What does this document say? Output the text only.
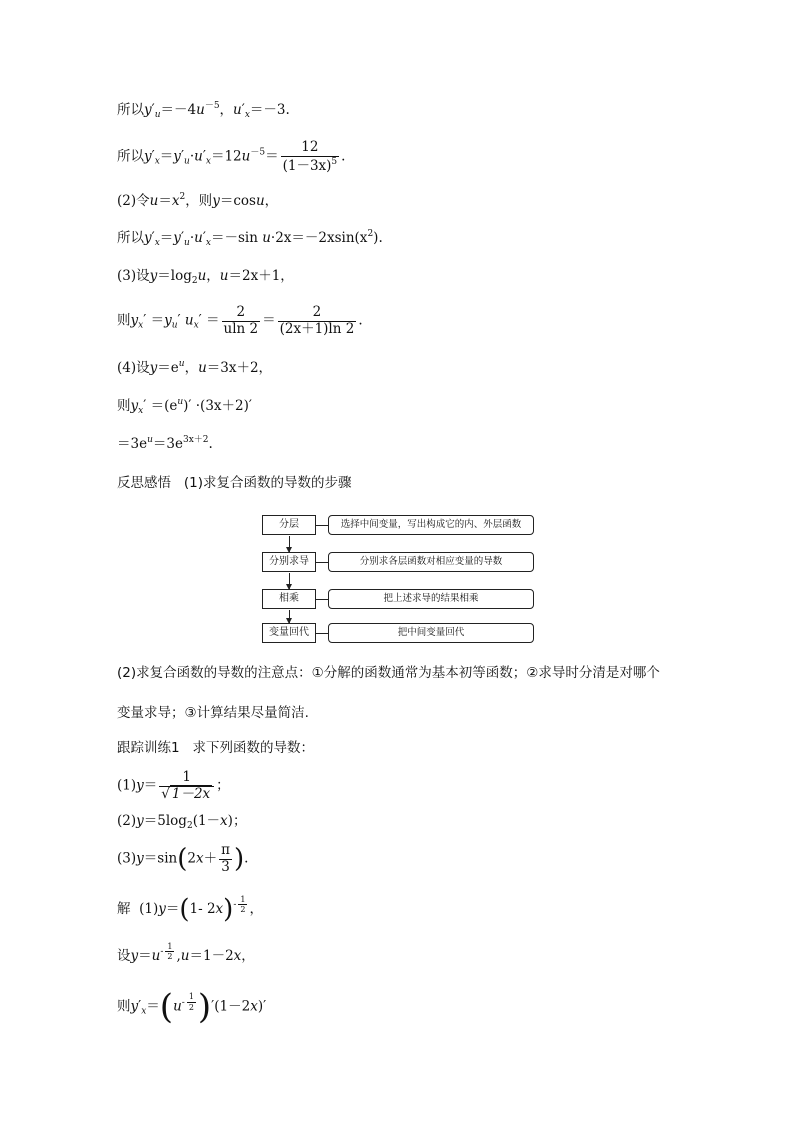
所以$y'_u=-4u^{-5}$，$u'_x=-3$.
所以$y'_x=y'_u\cdot u'_x=12u^{-5}= \frac{12}{(1-3x)^5}$ .
(2)令$u=x^2$，则y＝cosu，
所以$y'_x=y'_u\cdot u'_x=-\sin$ $u\cdot 2x=-2xsin(x^2)$.
(3)设$y=\log_2u$，u＝2x＋1，
则$y_x' =y_u'$ $u_x' = \frac{2}{uln 2} = \frac{2}{(2x+1)\ln 2}$ .
(4)设$y=e^u$，u＝3x＋2，
则$y_x' =(e^u)' \cdot(3x+2)'$
$=3e^u=3e^{3x+2}$.
反思感悟 (1)求复合函数的导数的步骤
分层	选择中间变量，写出构成它的内、外层函数
分别求导	分别求各层函数对相应变量的导数
相乘	把上述求导的结果相乘
变量回代	把中间变量回代
(2)求复合函数的导数的注意点：①分解的函数通常为基本初等函数；②求导时分清是对哪个
变量求导；③计算结果尽量简洁.
跟踪训练1 求下列函数的导数：
$(1)y= \frac{1}{√ 1-2x}$ ；
$(2)y=5\log_2(1-x)$；
$(3)y=\sin(2x+ \frac{\pi}{3}$ ).
解 (1)y＝(1- 2x)$^{- \frac{1}{2}}$ ，
设$y=u^{- \frac{1}{2}}$ ,u＝1－2x，
则$y'_x=(u^{- \frac{1}{2}}$ )′(1－2x)′
